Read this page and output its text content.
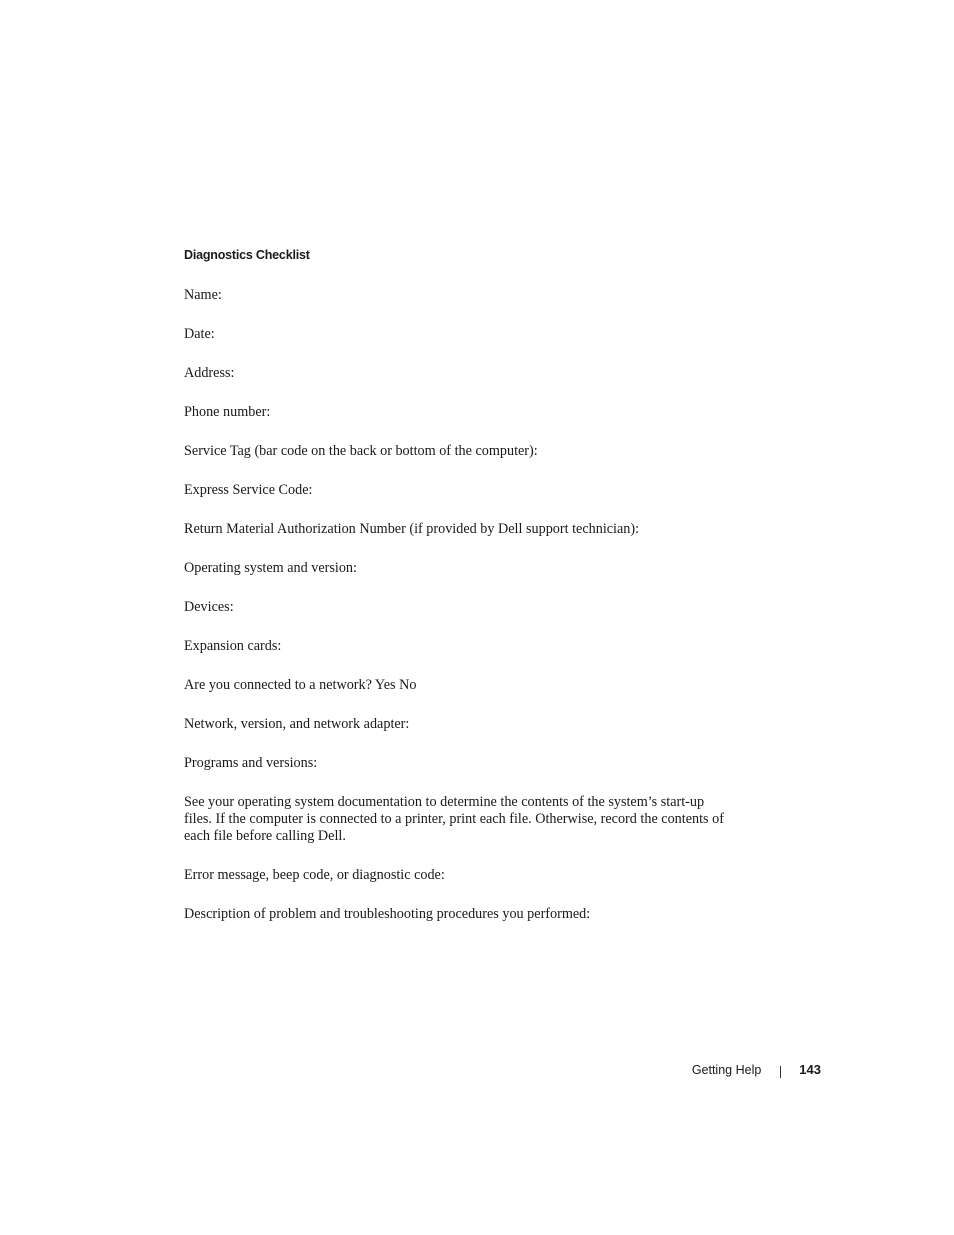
Diagnostics Checklist

Name:

Date:

Address:

Phone number:

Service Tag (bar code on the back or bottom of the computer):

Express Service Code:

Return Material Authorization Number (if provided by Dell support technician):

Operating system and version:

Devices:

Expansion cards:

Are you connected to a network? Yes No

Network, version, and network adapter:

Programs and versions:

See your operating system documentation to determine the contents of the system’s start-up files. If the computer is connected to a printer, print each file. Otherwise, record the contents of each file before calling Dell.

Error message, beep code, or diagnostic code:

Description of problem and troubleshooting procedures you performed:

Getting Help	143
